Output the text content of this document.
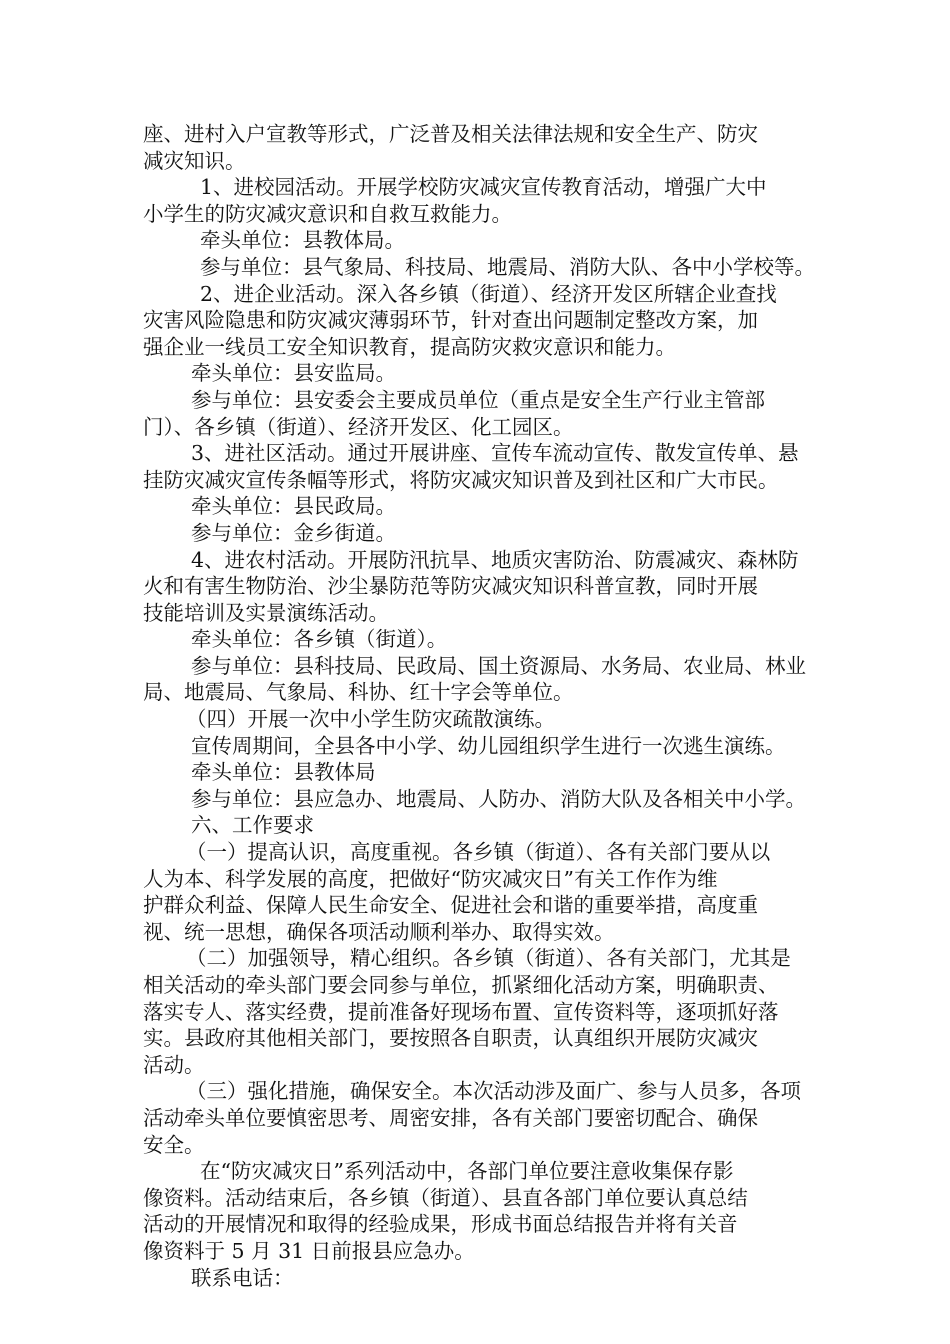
座、进村入户宣教等形式，广泛普及相关法律法规和安全生产、防灾
减灾知识。
1、进校园活动。开展学校防灾减灾宣传教育活动，增强广大中
小学生的防灾减灾意识和自救互救能力。
牵头单位：县教体局。
参与单位：县气象局、科技局、地震局、消防大队、各中小学校等。
2、进企业活动。深入各乡镇（街道）、经济开发区所辖企业查找
灾害风险隐患和防灾减灾薄弱环节，针对查出问题制定整改方案，加
强企业一线员工安全知识教育，提高防灾救灾意识和能力。
牵头单位：县安监局。
参与单位：县安委会主要成员单位（重点是安全生产行业主管部
门）、各乡镇（街道）、经济开发区、化工园区。
3、进社区活动。通过开展讲座、宣传车流动宣传、散发宣传单、悬
挂防灾减灾宣传条幅等形式，将防灾减灾知识普及到社区和广大市民。
牵头单位：县民政局。
参与单位：金乡街道。
4、进农村活动。开展防汛抗旱、地质灾害防治、防震减灾、森林防
火和有害生物防治、沙尘暴防范等防灾减灾知识科普宣教，同时开展
技能培训及实景演练活动。
牵头单位：各乡镇（街道）。
参与单位：县科技局、民政局、国土资源局、水务局、农业局、林业
局、地震局、气象局、科协、红十字会等单位。
（四）开展一次中小学生防灾疏散演练。
宣传周期间，全县各中小学、幼儿园组织学生进行一次逃生演练。
牵头单位：县教体局
参与单位：县应急办、地震局、人防办、消防大队及各相关中小学。
六、工作要求
（一）提高认识，高度重视。各乡镇（街道）、各有关部门要从以
人为本、科学发展的高度，把做好“防灾减灾日”有关工作作为维
护群众利益、保障人民生命安全、促进社会和谐的重要举措，高度重
视、统一思想，确保各项活动顺利举办、取得实效。
（二）加强领导，精心组织。各乡镇（街道）、各有关部门，尤其是
相关活动的牵头部门要会同参与单位，抓紧细化活动方案，明确职责、
落实专人、落实经费，提前准备好现场布置、宣传资料等，逐项抓好落
实。县政府其他相关部门，要按照各自职责，认真组织开展防灾减灾
活动。
（三）强化措施，确保安全。本次活动涉及面广、参与人员多，各项
活动牵头单位要慎密思考、周密安排，各有关部门要密切配合、确保
安全。
在“防灾减灾日”系列活动中，各部门单位要注意收集保存影
像资料。活动结束后，各乡镇（街道）、县直各部门单位要认真总结
活动的开展情况和取得的经验成果，形成书面总结报告并将有关音
像资料于 5 月 31 日前报县应急办。
联系电话：
